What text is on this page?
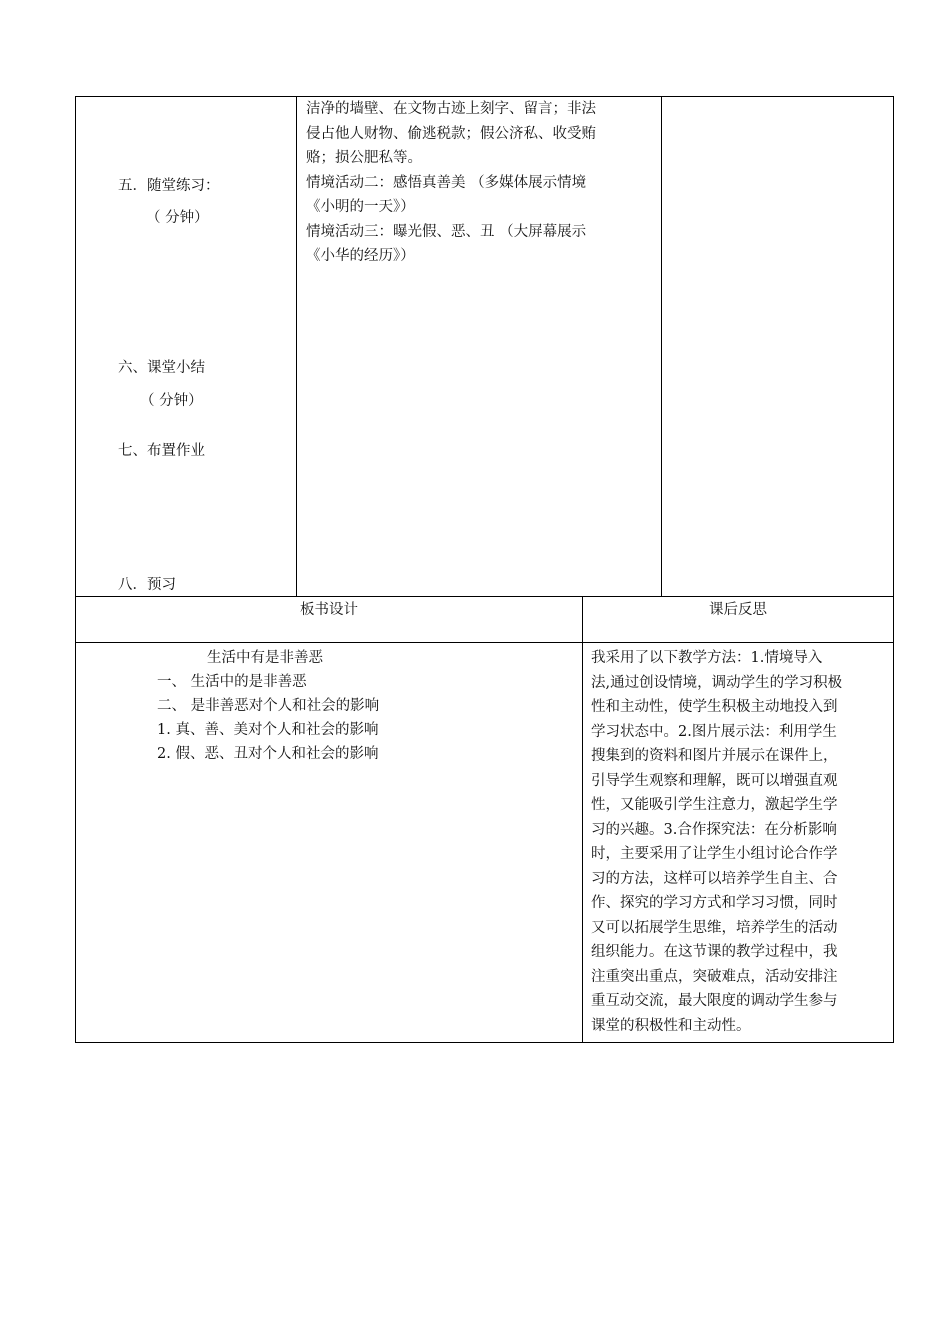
五．随堂练习：
（ 分钟）
六、课堂小结
（ 分钟）
七、布置作业
八．预习
洁净的墙壁、在文物古迹上刻字、留言；非法
侵占他人财物、偷逃税款；假公济私、收受贿
赂；损公肥私等。
情境活动二：感悟真善美 （多媒体展示情境
《小明的一天》）
情境活动三：曝光假、恶、丑 （大屏幕展示
《小华的经历》）
板书设计	课后反思
生活中有是非善恶
一、 生活中的是非善恶
二、 是非善恶对个人和社会的影响
1. 真、善、美对个人和社会的影响
2. 假、恶、丑对个人和社会的影响
我采用了以下教学方法：1.情境导入
法,通过创设情境，调动学生的学习积极
性和主动性，使学生积极主动地投入到
学习状态中。2.图片展示法：利用学生
搜集到的资料和图片并展示在课件上，
引导学生观察和理解，既可以增强直观
性，又能吸引学生注意力，激起学生学
习的兴趣。3.合作探究法：在分析影响
时，主要采用了让学生小组讨论合作学
习的方法，这样可以培养学生自主、合
作、探究的学习方式和学习习惯，同时
又可以拓展学生思维，培养学生的活动
组织能力。在这节课的教学过程中，我
注重突出重点，突破难点，活动安排注
重互动交流，最大限度的调动学生参与
课堂的积极性和主动性。
